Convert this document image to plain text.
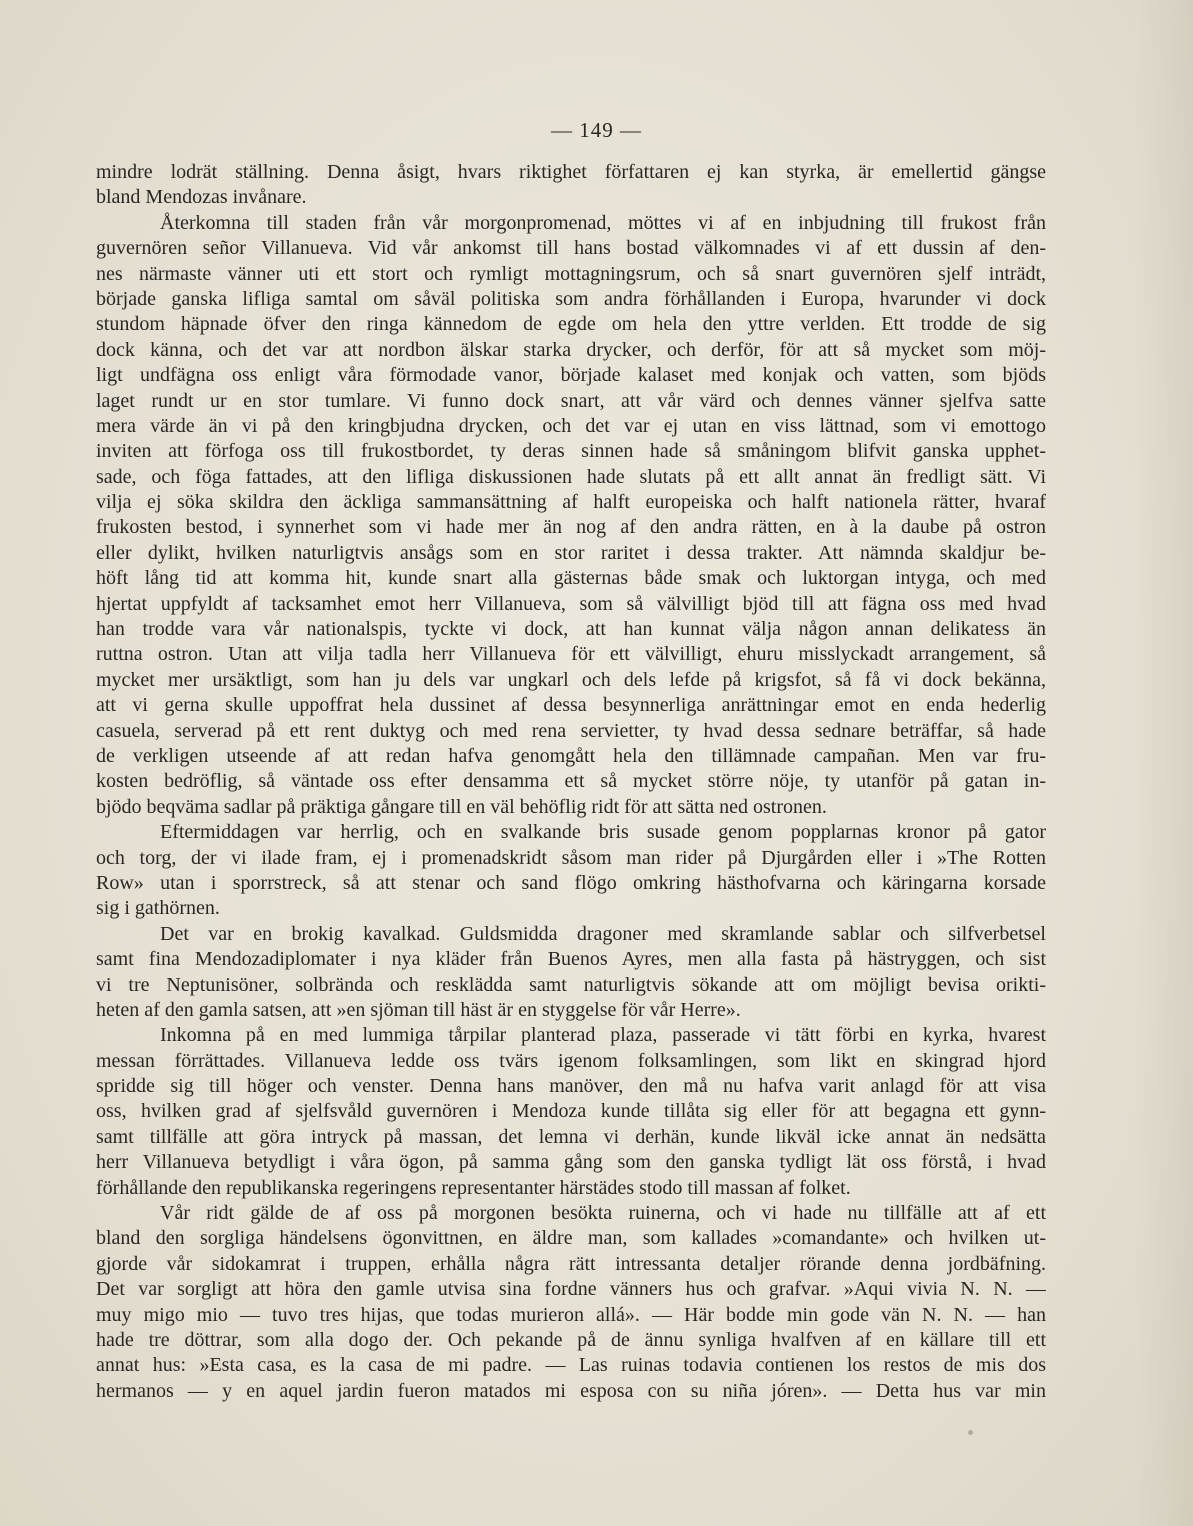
— 149 —
mindre lodrät ställning. Denna åsigt, hvars riktighet författaren ej kan styrka, är emellertid gängse
bland Mendozas invånare.
Återkomna till staden från vår morgonpromenad, möttes vi af en inbjudning till frukost från
guvernören señor Villanueva. Vid vår ankomst till hans bostad välkomnades vi af ett dussin af den-
nes närmaste vänner uti ett stort och rymligt mottagningsrum, och så snart guvernören sjelf inträdt,
började ganska lifliga samtal om såväl politiska som andra förhållanden i Europa, hvarunder vi dock
stundom häpnade öfver den ringa kännedom de egde om hela den yttre verlden. Ett trodde de sig
dock känna, och det var att nordbon älskar starka drycker, och derför, för att så mycket som möj-
ligt undfägna oss enligt våra förmodade vanor, började kalaset med konjak och vatten, som bjöds
laget rundt ur en stor tumlare. Vi funno dock snart, att vår värd och dennes vänner sjelfva satte
mera värde än vi på den kringbjudna drycken, och det var ej utan en viss lättnad, som vi emottogo
inviten att förfoga oss till frukostbordet, ty deras sinnen hade så småningom blifvit ganska upphet-
sade, och föga fattades, att den lifliga diskussionen hade slutats på ett allt annat än fredligt sätt. Vi
vilja ej söka skildra den äckliga sammansättning af halft europeiska och halft nationela rätter, hvaraf
frukosten bestod, i synnerhet som vi hade mer än nog af den andra rätten, en à la daube på ostron
eller dylikt, hvilken naturligtvis ansågs som en stor raritet i dessa trakter. Att nämnda skaldjur be-
höft lång tid att komma hit, kunde snart alla gästernas både smak och luktorgan intyga, och med
hjertat uppfyldt af tacksamhet emot herr Villanueva, som så välvilligt bjöd till att fägna oss med hvad
han trodde vara vår nationalspis, tyckte vi dock, att han kunnat välja någon annan delikatess än
ruttna ostron. Utan att vilja tadla herr Villanueva för ett välvilligt, ehuru misslyckadt arrangement, så
mycket mer ursäktligt, som han ju dels var ungkarl och dels lefde på krigsfot, så få vi dock bekänna,
att vi gerna skulle uppoffrat hela dussinet af dessa besynnerliga anrättningar emot en enda hederlig
casuela, serverad på ett rent duktyg och med rena servietter, ty hvad dessa sednare beträffar, så hade
de verkligen utseende af att redan hafva genomgått hela den tillämnade campañan. Men var fru-
kosten bedröflig, så väntade oss efter densamma ett så mycket större nöje, ty utanför på gatan in-
bjödo beqväma sadlar på präktiga gångare till en väl behöflig ridt för att sätta ned ostronen.
Eftermiddagen var herrlig, och en svalkande bris susade genom popplarnas kronor på gator
och torg, der vi ilade fram, ej i promenadskridt såsom man rider på Djurgården eller i »The Rotten
Row» utan i sporrstreck, så att stenar och sand flögo omkring hästhofvarna och käringarna korsade
sig i gathörnen.
Det var en brokig kavalkad. Guldsmidda dragoner med skramlande sablar och silfverbetsel
samt fina Mendozadiplomater i nya kläder från Buenos Ayres, men alla fasta på hästryggen, och sist
vi tre Neptunisöner, solbrända och resklädda samt naturligtvis sökande att om möjligt bevisa orikti-
heten af den gamla satsen, att »en sjöman till häst är en styggelse för vår Herre».
Inkomna på en med lummiga tårpilar planterad plaza, passerade vi tätt förbi en kyrka, hvarest
messan förrättades. Villanueva ledde oss tvärs igenom folksamlingen, som likt en skingrad hjord
spridde sig till höger och venster. Denna hans manöver, den må nu hafva varit anlagd för att visa
oss, hvilken grad af sjelfsvåld guvernören i Mendoza kunde tillåta sig eller för att begagna ett gynn-
samt tillfälle att göra intryck på massan, det lemna vi derhän, kunde likväl icke annat än nedsätta
herr Villanueva betydligt i våra ögon, på samma gång som den ganska tydligt lät oss förstå, i hvad
förhållande den republikanska regeringens representanter härstädes stodo till massan af folket.
Vår ridt gälde de af oss på morgonen besökta ruinerna, och vi hade nu tillfälle att af ett
bland den sorgliga händelsens ögonvittnen, en äldre man, som kallades »comandante» och hvilken ut-
gjorde vår sidokamrat i truppen, erhålla några rätt intressanta detaljer rörande denna jordbäfning.
Det var sorgligt att höra den gamle utvisa sina fordne vänners hus och grafvar. »Aqui vivia N. N. —
muy migo mio — tuvo tres hijas, que todas murieron allá». — Här bodde min gode vän N. N. — han
hade tre döttrar, som alla dogo der. Och pekande på de ännu synliga hvalfven af en källare till ett
annat hus: »Esta casa, es la casa de mi padre. — Las ruinas todavia contienen los restos de mis dos
hermanos — y en aquel jardin fueron matados mi esposa con su niña jóren». — Detta hus var min
